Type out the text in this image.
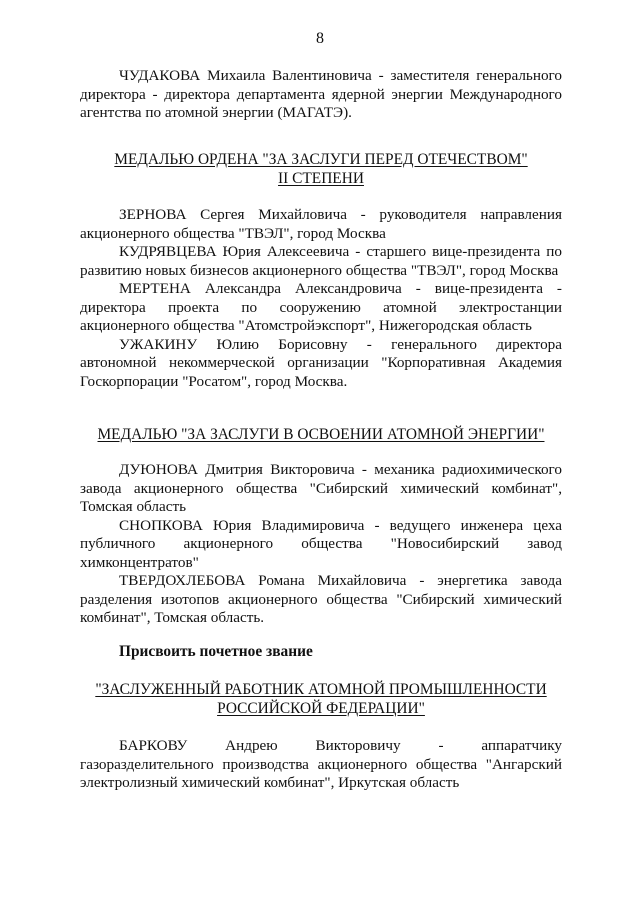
8

ЧУДАКОВА Михаила Валентиновича - заместителя генерального директора - директора департамента ядерной энергии Международного агентства по атомной энергии (МАГАТЭ).

МЕДАЛЬЮ ОРДЕНА "ЗА ЗАСЛУГИ ПЕРЕД ОТЕЧЕСТВОМ"
II СТЕПЕНИ

ЗЕРНОВА Сергея Михайловича - руководителя направления акционерного общества "ТВЭЛ", город Москва

КУДРЯВЦЕВА Юрия Алексеевича - старшего вице-президента по развитию новых бизнесов акционерного общества "ТВЭЛ", город Москва

МЕРТЕНА Александра Александровича - вице-президента - директора проекта по сооружению атомной электростанции акционерного общества "Атомстройэкспорт", Нижегородская область

УЖАКИНУ Юлию Борисовну - генерального директора автономной некоммерческой организации "Корпоративная Академия Госкорпорации "Росатом", город Москва.

МЕДАЛЬЮ "ЗА ЗАСЛУГИ В ОСВОЕНИИ АТОМНОЙ ЭНЕРГИИ"

ДУЮНОВА Дмитрия Викторовича - механика радиохимического завода акционерного общества "Сибирский химический комбинат", Томская область

СНОПКОВА Юрия Владимировича - ведущего инженера цеха публичного акционерного общества "Новосибирский завод химконцентратов"

ТВЕРДОХЛЕБОВА Романа Михайловича - энергетика завода разделения изотопов акционерного общества "Сибирский химический комбинат", Томская область.

Присвоить почетное звание
"ЗАСЛУЖЕННЫЙ РАБОТНИК АТОМНОЙ ПРОМЫШЛЕННОСТИ
РОССИЙСКОЙ ФЕДЕРАЦИИ"

БАРКОВУ Андрею Викторовичу - аппаратчику газоразделительного производства акционерного общества "Ангарский электролизный химический комбинат", Иркутская область
